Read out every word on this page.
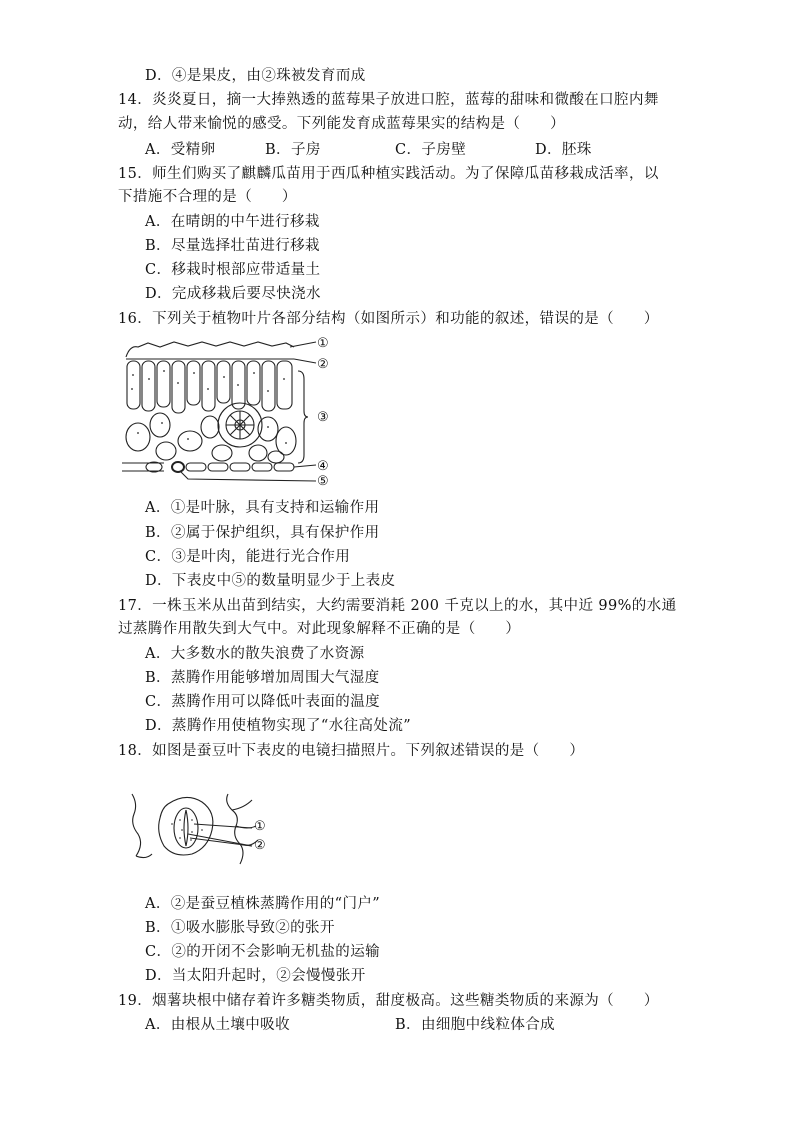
D．④是果皮，由②珠被发育而成
14．炎炎夏日，摘一大捧熟透的蓝莓果子放进口腔，蓝莓的甜味和微酸在口腔内舞
动，给人带来愉悦的感受。下列能发育成蓝莓果实的结构是（　　）
A．受精卵	B．子房	C．子房壁	D．胚珠
15．师生们购买了麒麟瓜苗用于西瓜种植实践活动。为了保障瓜苗移栽成活率，以
下措施不合理的是（　　）
A．在晴朗的中午进行移栽
B．尽量选择壮苗进行移栽
C．移栽时根部应带适量土
D．完成移栽后要尽快浇水
16．下列关于植物叶片各部分结构（如图所示）和功能的叙述，错误的是（　　）
①
②
③
④
⑤
A．①是叶脉，具有支持和运输作用
B．②属于保护组织，具有保护作用
C．③是叶肉，能进行光合作用
D．下表皮中⑤的数量明显少于上表皮
17．一株玉米从出苗到结实，大约需要消耗 200 千克以上的水，其中近 99%的水通
过蒸腾作用散失到大气中。对此现象解释不正确的是（　　）
A．大多数水的散失浪费了水资源
B．蒸腾作用能够增加周围大气湿度
C．蒸腾作用可以降低叶表面的温度
D．蒸腾作用使植物实现了“水往高处流”
18．如图是蚕豆叶下表皮的电镜扫描照片。下列叙述错误的是（　　）
①
②
A．②是蚕豆植株蒸腾作用的“门户”
B．①吸水膨胀导致②的张开
C．②的开闭不会影响无机盐的运输
D．当太阳升起时，②会慢慢张开
19．烟薯块根中储存着许多糖类物质，甜度极高。这些糖类物质的来源为（　　）
A．由根从土壤中吸收	B．由细胞中线粒体合成
